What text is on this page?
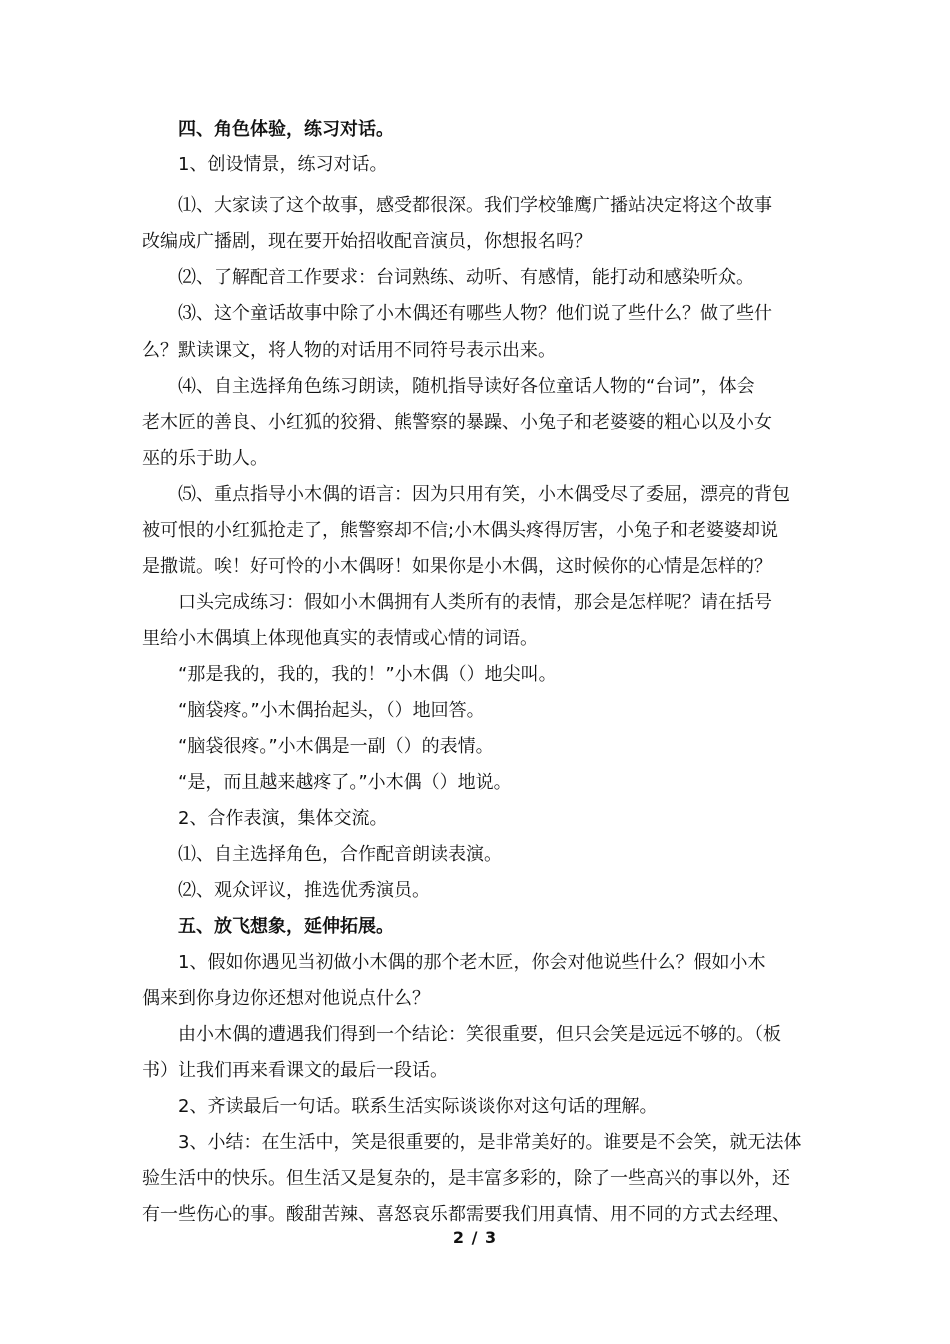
四、角色体验，练习对话。
1、创设情景，练习对话。
⑴、大家读了这个故事，感受都很深。我们学校雏鹰广播站决定将这个故事
改编成广播剧，现在要开始招收配音演员，你想报名吗？
⑵、了解配音工作要求：台词熟练、动听、有感情，能打动和感染听众。
⑶、这个童话故事中除了小木偶还有哪些人物？他们说了些什么？做了些什
么？默读课文，将人物的对话用不同符号表示出来。
⑷、自主选择角色练习朗读，随机指导读好各位童话人物的“台词”，体会
老木匠的善良、小红狐的狡猾、熊警察的暴躁、小兔子和老婆婆的粗心以及小女
巫的乐于助人。
⑸、重点指导小木偶的语言：因为只用有笑，小木偶受尽了委屈，漂亮的背包
被可恨的小红狐抢走了，熊警察却不信;小木偶头疼得厉害，小兔子和老婆婆却说
是撒谎。唉！好可怜的小木偶呀！如果你是小木偶，这时候你的心情是怎样的？
口头完成练习：假如小木偶拥有人类所有的表情，那会是怎样呢？请在括号
里给小木偶填上体现他真实的表情或心情的词语。
“那是我的，我的，我的！”小木偶（）地尖叫。
“脑袋疼。”小木偶抬起头，（）地回答。
“脑袋很疼。”小木偶是一副（）的表情。
“是，而且越来越疼了。”小木偶（）地说。
2、合作表演，集体交流。
⑴、自主选择角色，合作配音朗读表演。
⑵、观众评议，推选优秀演员。
五、放飞想象，延伸拓展。
1、假如你遇见当初做小木偶的那个老木匠，你会对他说些什么？假如小木
偶来到你身边你还想对他说点什么？
由小木偶的遭遇我们得到一个结论：笑很重要，但只会笑是远远不够的。（板
书）让我们再来看课文的最后一段话。
2、齐读最后一句话。联系生活实际谈谈你对这句话的理解。
3、小结：在生活中，笑是很重要的，是非常美好的。谁要是不会笑，就无法体
验生活中的快乐。但生活又是复杂的，是丰富多彩的，除了一些高兴的事以外，还
有一些伤心的事。酸甜苦辣、喜怒哀乐都需要我们用真情、用不同的方式去经理、
2 / 3
